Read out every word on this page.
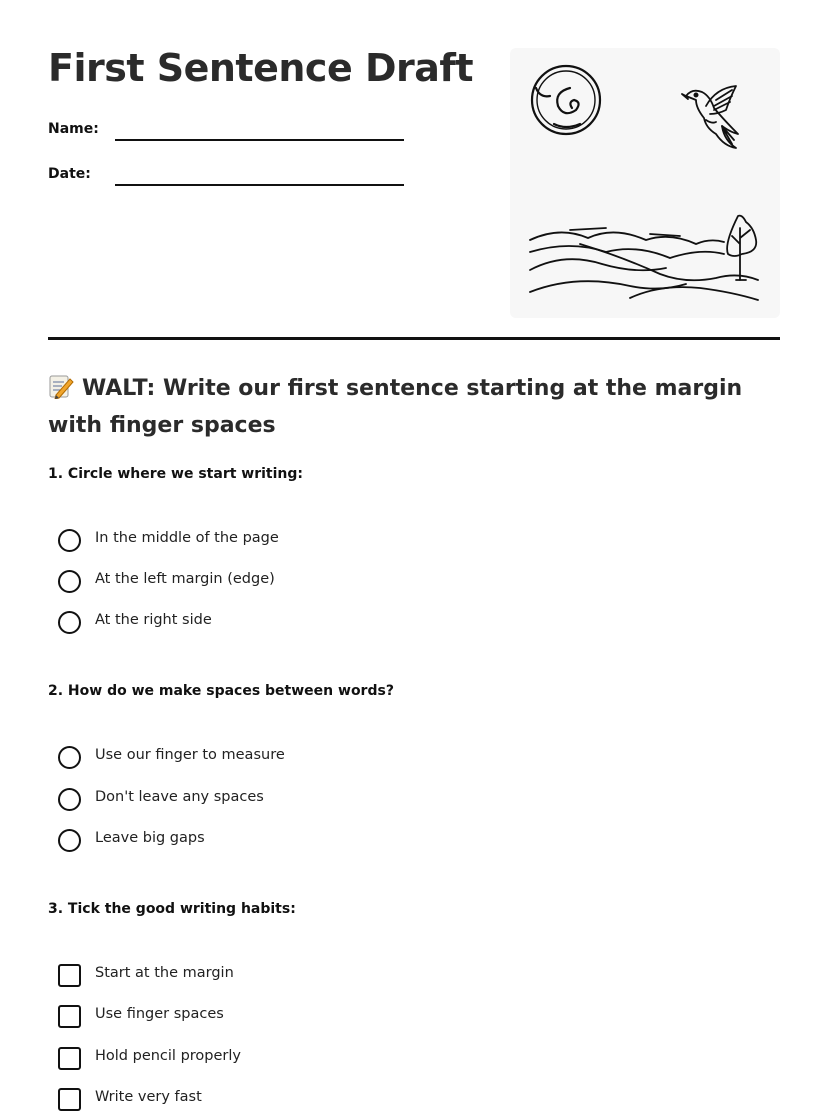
First Sentence Draft
Name:
Date:
WALT: Write our first sentence starting at the margin with finger spaces

1. Circle where we start writing:

In the middle of the page
At the left margin (edge)
At the right side

2. How do we make spaces between words?

Use our finger to measure
Don't leave any spaces
Leave big gaps

3. Tick the good writing habits:

Start at the margin
Use finger spaces
Hold pencil properly
Write very fast
